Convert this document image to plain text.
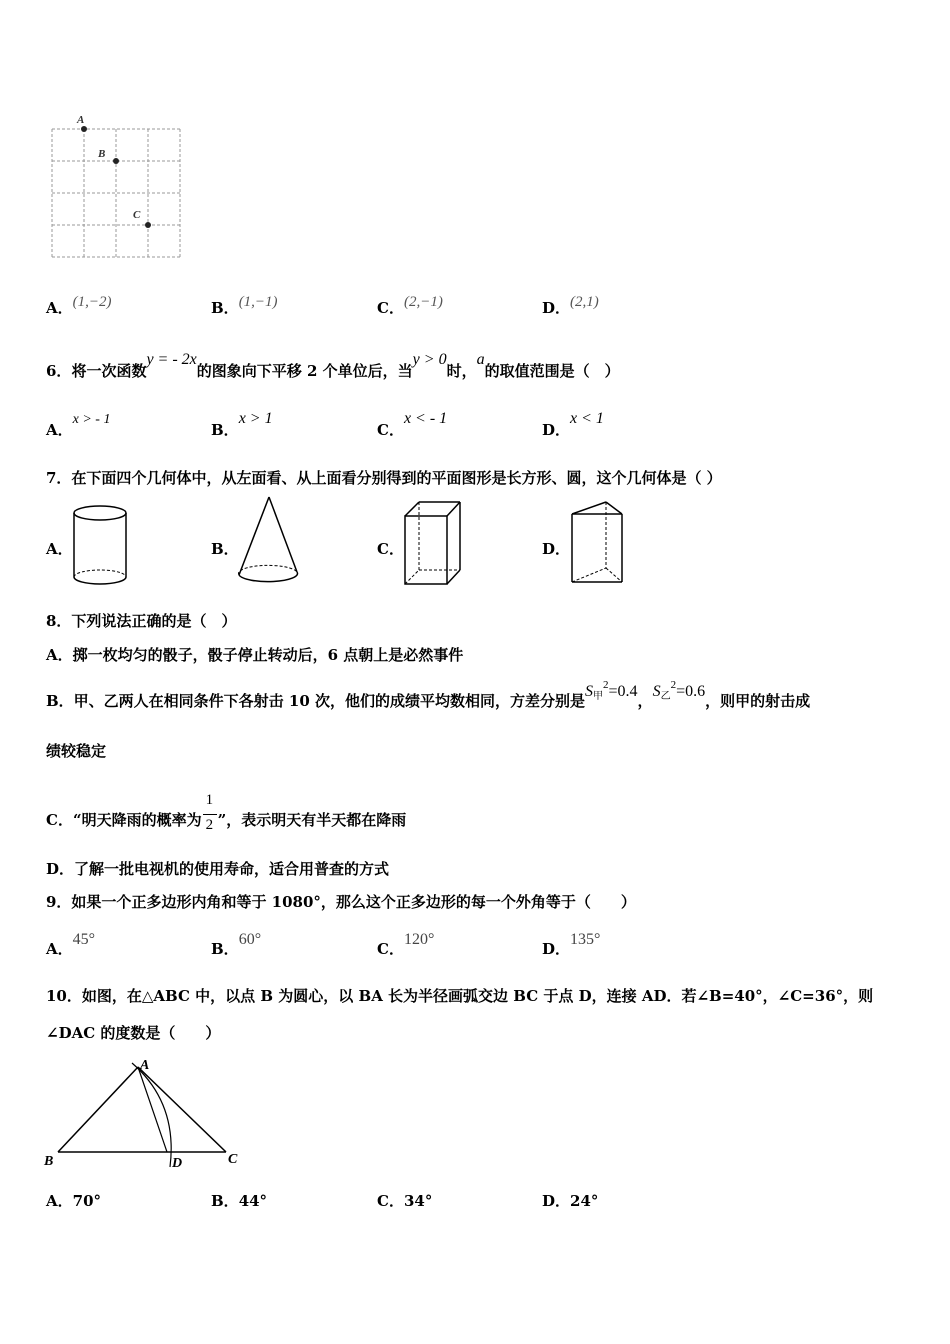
A
B
C
A．(1,−2)	B．(1,−1)	C．(2,−1)	D．(2,1)
6．将一次函数y = - 2x的图象向下平移 2 个单位后，当y > 0时，a的取值范围是（　）
A．x > - 1
B．x > 1
C．x < - 1
D．x < 1
7．在下面四个几何体中，从左面看、从上面看分别得到的平面图形是长方形、圆，这个几何体是（ ）
A．	B．	C．	D．
8．下列说法正确的是（　）
A．掷一枚均匀的骰子，骰子停止转动后，6 点朝上是必然事件
B．甲、乙两人在相同条件下各射击 10 次，他们的成绩平均数相同，方差分别是S甲$^2$=0.4，S乙$^2$=0.6，则甲的射击成
绩较稳定
C．“明天降雨的概率为 $\frac{1}{2}$ ”，表示明天有半天都在降雨
D．了解一批电视机的使用寿命，适合用普查的方式
9．如果一个正多边形内角和等于 1080°，那么这个正多边形的每一个外角等于（　　）
A．45°
B．60°
C．120°
D．135°
10．如图，在△ABC 中，以点 B 为圆心，以 BA 长为半径画弧交边 BC 于点 D，连接 AD．若∠B=40°，∠C=36°，则
∠DAC 的度数是（　　）
A
B	C
D
A．70°	B．44°	C．34°	D．24°
